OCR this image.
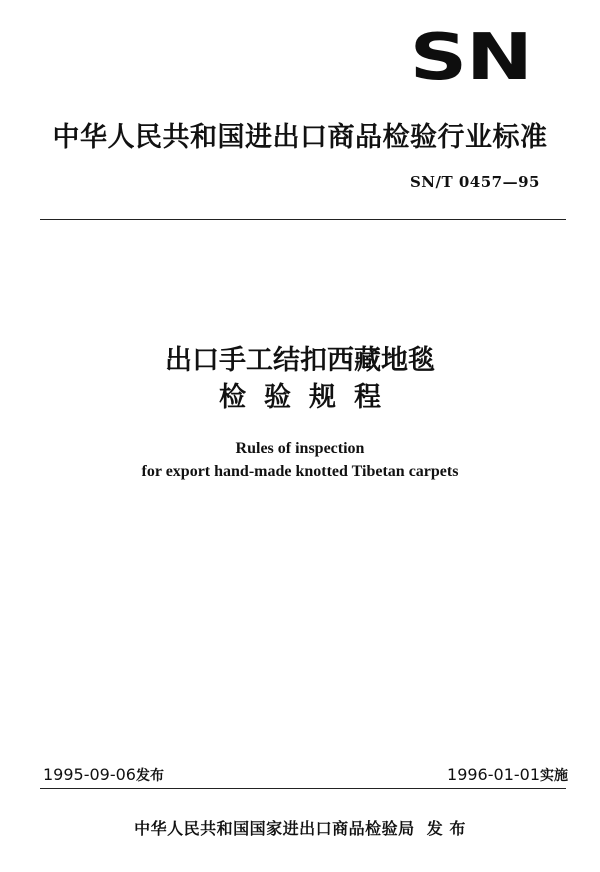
SN
中华人民共和国进出口商品检验行业标准
SN/T 0457—95
出口手工结扣西藏地毯
检验规程
Rules of inspection
for export hand-made knotted Tibetan carpets
1995-09-06发布	1996-01-01实施
中华人民共和国国家进出口商品检验局 发 布
